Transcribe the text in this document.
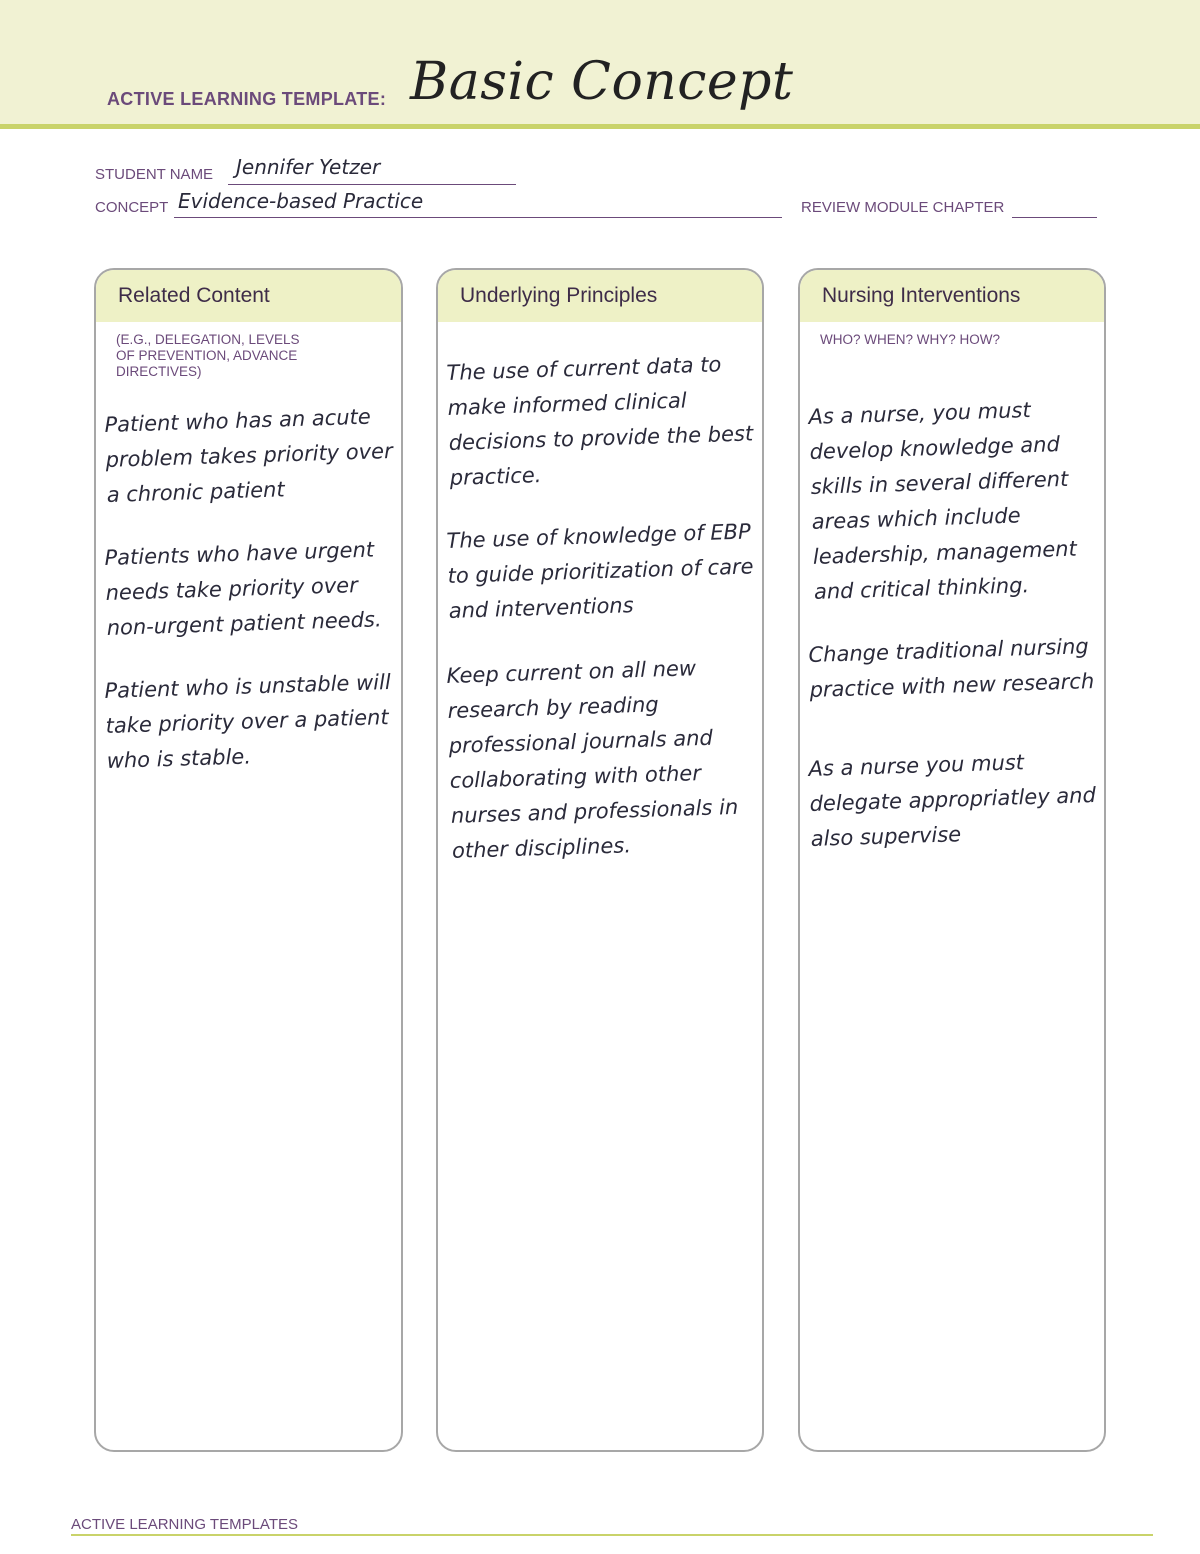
ACTIVE LEARNING TEMPLATE: Basic Concept
STUDENT NAME Jennifer Yetzer
CONCEPT Evidence-based Practice	REVIEW MODULE CHAPTER
Related Content
(E.G., DELEGATION, LEVELS OF PREVENTION, ADVANCE DIRECTIVES)
Patient who has an acute problem takes priority over a chronic patient
Patients who have urgent needs take priority over non-urgent patient needs.
Patient who is unstable will take priority over a patient who is stable.
Underlying Principles
The use of current data to make informed clinical decisions to provide the best practice.
The use of knowledge of EBP to guide prioritization of care and interventions
Keep current on all new research by reading professional journals and collaborating with other nurses and professionals in other disciplines.
Nursing Interventions
WHO? WHEN? WHY? HOW?
As a nurse, you must develop knowledge and skills in several different areas which include leadership, management and critical thinking.
Change traditional nursing practice with new research
As a nurse you must delegate appropriatley and also supervise
ACTIVE LEARNING TEMPLATES
